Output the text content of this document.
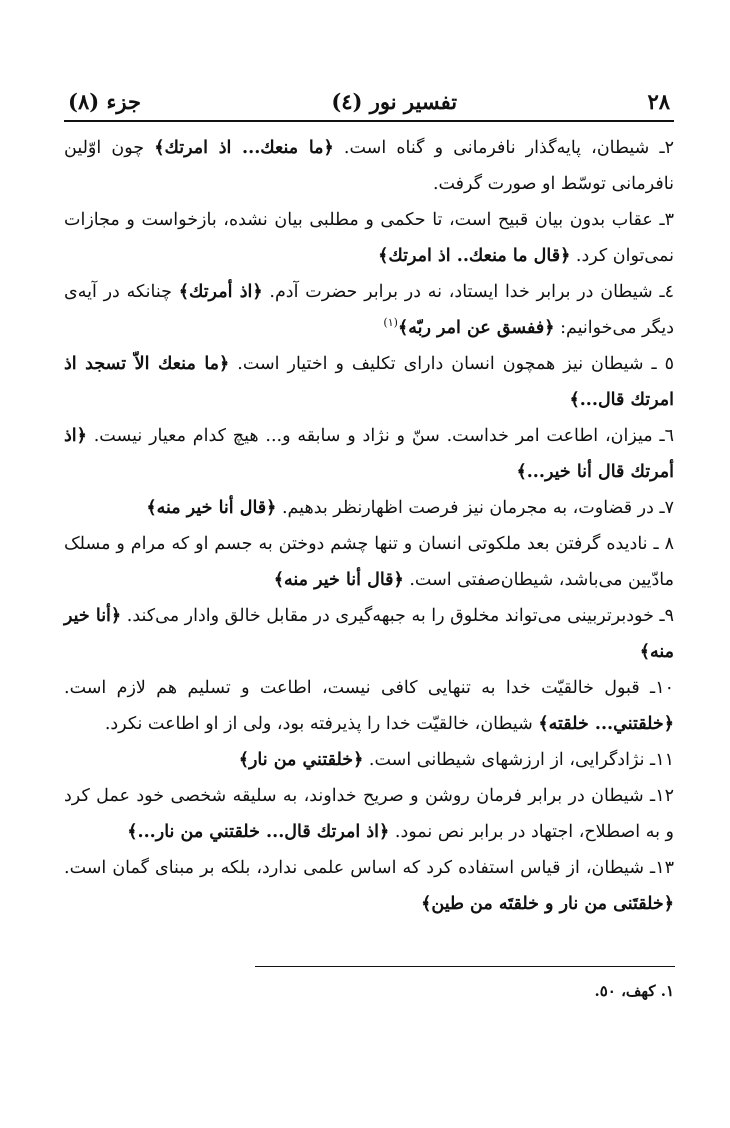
۲۸
تفسیر نور (٤)
جزء (٨)

۲ـ شیطان، پایه‌گذار نافرمانی و گناه است. ﴿ما منعك... اذ امرتك﴾ چون اوّلین نافرمانی توسّط او صورت گرفت.

۳ـ عقاب بدون بیان قبیح است، تا حکمی و مطلبی بیان نشده، بازخواست و مجازات نمی‌توان کرد. ﴿قال ما منعك.. اذ امرتك﴾

٤ـ شیطان در برابر خدا ایستاد، نه در برابر حضرت آدم. ﴿اذ أمرتك﴾ چنانکه در آیه‌ی دیگر می‌خوانیم: ﴿ففسق عن امر ربّه﴾$^{(۱)}$

٥ ـ شیطان نیز همچون انسان دارای تکلیف و اختیار است. ﴿ما منعك الاّ تسجد اذ امرتك قال...﴾

٦ـ میزان، اطاعت امر خداست. سنّ و نژاد و سابقه و... هیچ کدام معیار نیست. ﴿اذ أمرتك قال أنا خير...﴾

۷ـ در قضاوت، به مجرمان نیز فرصت اظهارنظر بدهیم. ﴿قال أنا خير منه﴾

۸ ـ نادیده گرفتن بعد ملکوتی انسان و تنها چشم دوختن به جسم او که مرام و مسلک مادّیین می‌باشد، شیطان‌صفتی است. ﴿قال أنا خير منه﴾

۹ـ خودبرتربینی می‌تواند مخلوق را به جبهه‌گیری در مقابل خالق وادار می‌کند. ﴿أنا خير منه﴾

۱۰ـ قبول خالقیّت خدا به تنهایی کافی نیست، اطاعت و تسلیم هم لازم است. ﴿خلقتني... خلقته﴾ شیطان، خالقیّت خدا را پذیرفته بود، ولی از او اطاعت نکرد.

۱۱ـ نژادگرایی، از ارزشهای شیطانی است. ﴿خلقتني من نار﴾

۱۲ـ شیطان در برابر فرمان روشن و صریح خداوند، به سلیقه شخصی خود عمل کرد و به اصطلاح، اجتهاد در برابر نص نمود. ﴿اذ امرتك قال... خلقتني من نار...﴾

۱۳ـ شیطان، از قیاس استفاده کرد که اساس علمی ندارد، بلکه بر مبنای گمان است. ﴿خلقتَنی من نار و خلقتَه من طين﴾

۱. کهف، ٥۰.
